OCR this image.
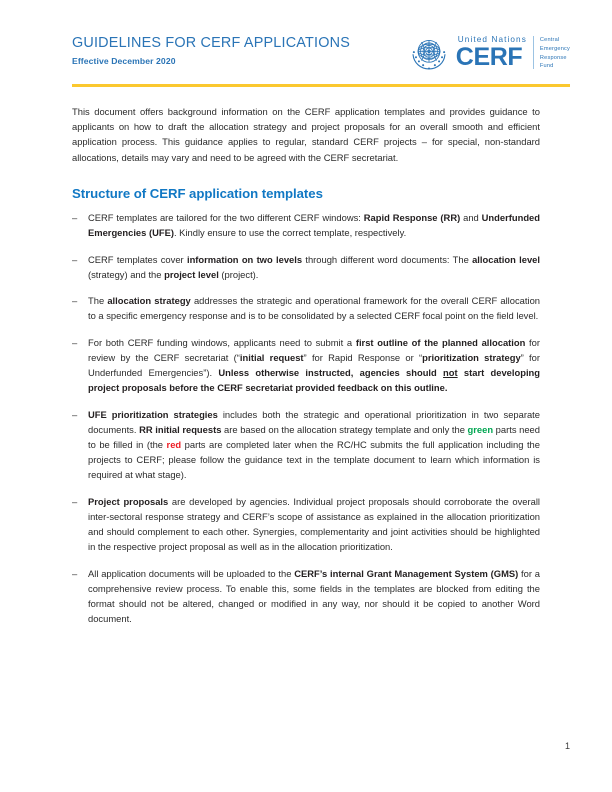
GUIDELINES FOR CERF APPLICATIONS
Effective December 2020
United Nations
CERF
Central
Emergency
Response
Fund

This document offers background information on the CERF application templates and provides guidance to applicants on how to draft the allocation strategy and project proposals for an overall smooth and efficient application process. This guidance applies to regular, standard CERF projects – for special, non-standard allocations, details may vary and need to be agreed with the CERF secretariat.

Structure of CERF application templates
– CERF templates are tailored for the two different CERF windows: Rapid Response (RR) and Underfunded Emergencies (UFE). Kindly ensure to use the correct template, respectively.
– CERF templates cover information on two levels through different word documents: The allocation level (strategy) and the project level (project).
– The allocation strategy addresses the strategic and operational framework for the overall CERF allocation to a specific emergency response and is to be consolidated by a selected CERF focal point on the field level.
– For both CERF funding windows, applicants need to submit a first outline of the planned allocation for review by the CERF secretariat (“initial request” for Rapid Response or “prioritization strategy” for Underfunded Emergencies”). Unless otherwise instructed, agencies should not start developing project proposals before the CERF secretariat provided feedback on this outline.
– UFE prioritization strategies includes both the strategic and operational prioritization in two separate documents. RR initial requests are based on the allocation strategy template and only the green parts need to be filled in (the red parts are completed later when the RC/HC submits the full application including the projects to CERF; please follow the guidance text in the template document to learn which information is required at what stage).
– Project proposals are developed by agencies. Individual project proposals should corroborate the overall inter-sectoral response strategy and CERF’s scope of assistance as explained in the allocation prioritization and should complement to each other. Synergies, complementarity and joint activities should be highlighted in the respective project proposal as well as in the allocation prioritization.
– All application documents will be uploaded to the CERF’s internal Grant Management System (GMS) for a comprehensive review process. To enable this, some fields in the templates are blocked from editing the format should not be altered, changed or modified in any way, nor should it be copied to another Word document.
1
